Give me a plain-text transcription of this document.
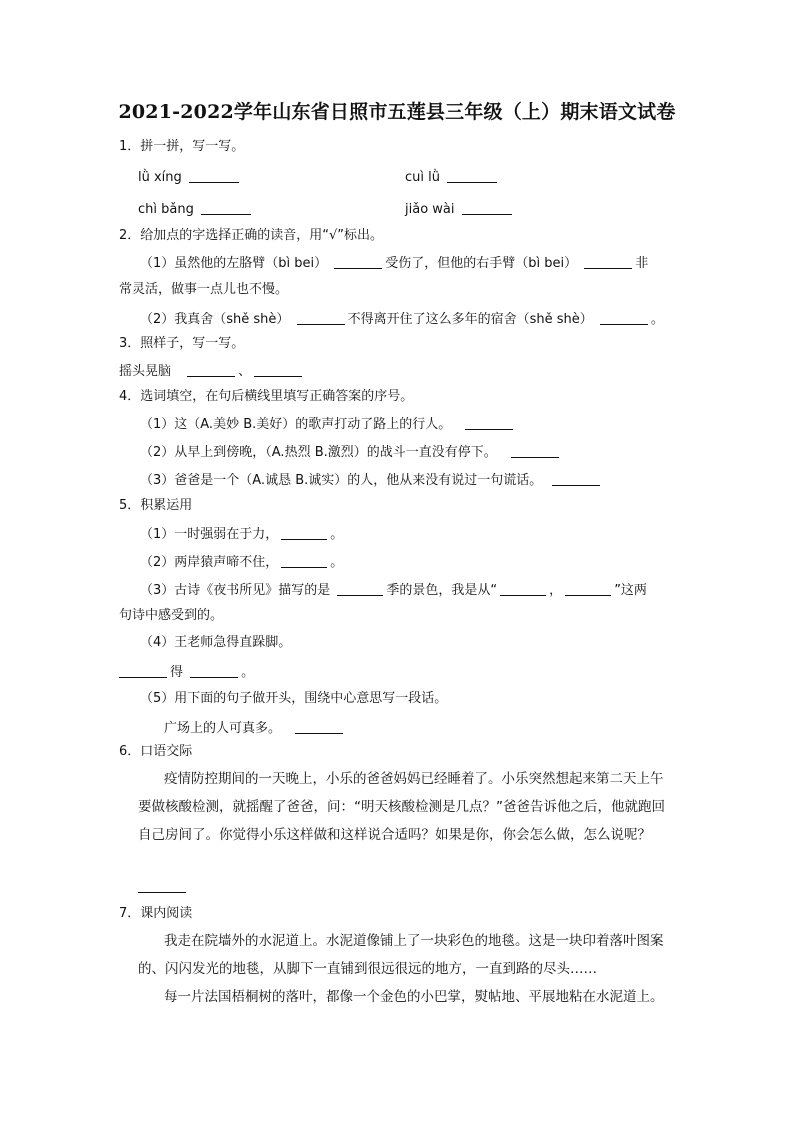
2021-2022学年山东省日照市五莲县三年级（上）期末语文试卷
1．拼一拼，写一写。
lǜ xíng	cuì lǜ
chì bǎng	jiǎo wài
2．给加点的字选择正确的读音，用“√”标出。
（1）虽然他的左胳臂（bì bei）	受伤了，但他的右手臂（bì bei）	非
常灵活，做事一点儿也不慢。
（2）我真舍（shě shè）	不得离开住了这么多年的宿舍（shě shè）	。
3．照样子，写一写。
摇头晃脑	、
4．选词填空，在句后横线里填写正确答案的序号。
（1）这（A.美妙 B.美好）的歌声打动了路上的行人。
（2）从早上到傍晚，（A.热烈 B.激烈）的战斗一直没有停下。
（3）爸爸是一个（A.诚恳 B.诚实）的人，他从来没有说过一句谎话。
5．积累运用
（1）一时强弱在于力，	。
（2）两岸猿声啼不住，	。
（3）古诗《夜书所见》描写的是	季的景色，我是从“	，	”这两
句诗中感受到的。
（4）王老师急得直跺脚。
得	。
（5）用下面的句子做开头，围绕中心意思写一段话。
广场上的人可真多。
6．口语交际
疫情防控期间的一天晚上，小乐的爸爸妈妈已经睡着了。小乐突然想起来第二天上午要做核酸检测，就摇醒了爸爸，问：“明天核酸检测是几点？”爸爸告诉他之后，他就跑回自己房间了。你觉得小乐这样做和这样说合适吗？如果是你，你会怎么做，怎么说呢？
7．课内阅读
我走在院墙外的水泥道上。水泥道像铺上了一块彩色的地毯。这是一块印着落叶图案的、闪闪发光的地毯，从脚下一直铺到很远很远的地方，一直到路的尽头……
每一片法国梧桐树的落叶，都像一个金色的小巴掌，熨帖地、平展地粘在水泥道上。
